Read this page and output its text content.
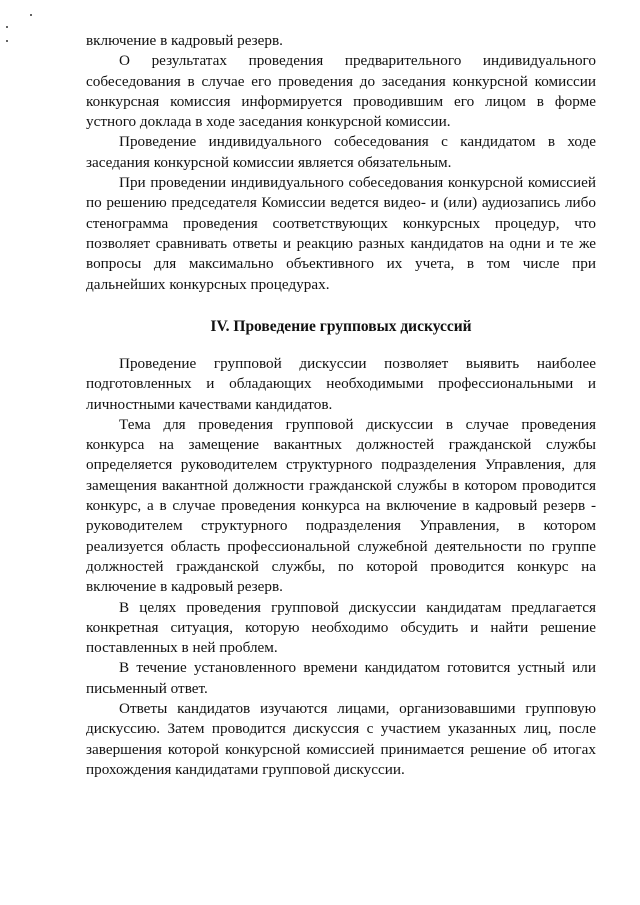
включение в кадровый резерв.

О результатах проведения предварительного индивидуального собеседования в случае его проведения до заседания конкурсной комиссии конкурсная комиссия информируется проводившим его лицом в форме устного доклада в ходе заседания конкурсной комиссии.

Проведение индивидуального собеседования с кандидатом в ходе заседания конкурсной комиссии является обязательным.

При проведении индивидуального собеседования конкурсной комиссией по решению председателя Комиссии ведется видео- и (или) аудиозапись либо стенограмма проведения соответствующих конкурсных процедур, что позволяет сравнивать ответы и реакцию разных кандидатов на одни и те же вопросы для максимально объективного их учета, в том числе при дальнейших конкурсных процедурах.

IV. Проведение групповых дискуссий

Проведение групповой дискуссии позволяет выявить наиболее подготовленных и обладающих необходимыми профессиональными и личностными качествами кандидатов.

Тема для проведения групповой дискуссии в случае проведения конкурса на замещение вакантных должностей гражданской службы определяется руководителем структурного подразделения Управления, для замещения вакантной должности гражданской службы в котором проводится конкурс, а в случае проведения конкурса на включение в кадровый резерв - руководителем структурного подразделения Управления, в котором реализуется область профессиональной служебной деятельности по группе должностей гражданской службы, по которой проводится конкурс на включение в кадровый резерв.

В целях проведения групповой дискуссии кандидатам предлагается конкретная ситуация, которую необходимо обсудить и найти решение поставленных в ней проблем.

В течение установленного времени кандидатом готовится устный или письменный ответ.

Ответы кандидатов изучаются лицами, организовавшими групповую дискуссию. Затем проводится дискуссия с участием указанных лиц, после завершения которой конкурсной комиссией принимается решение об итогах прохождения кандидатами групповой дискуссии.
